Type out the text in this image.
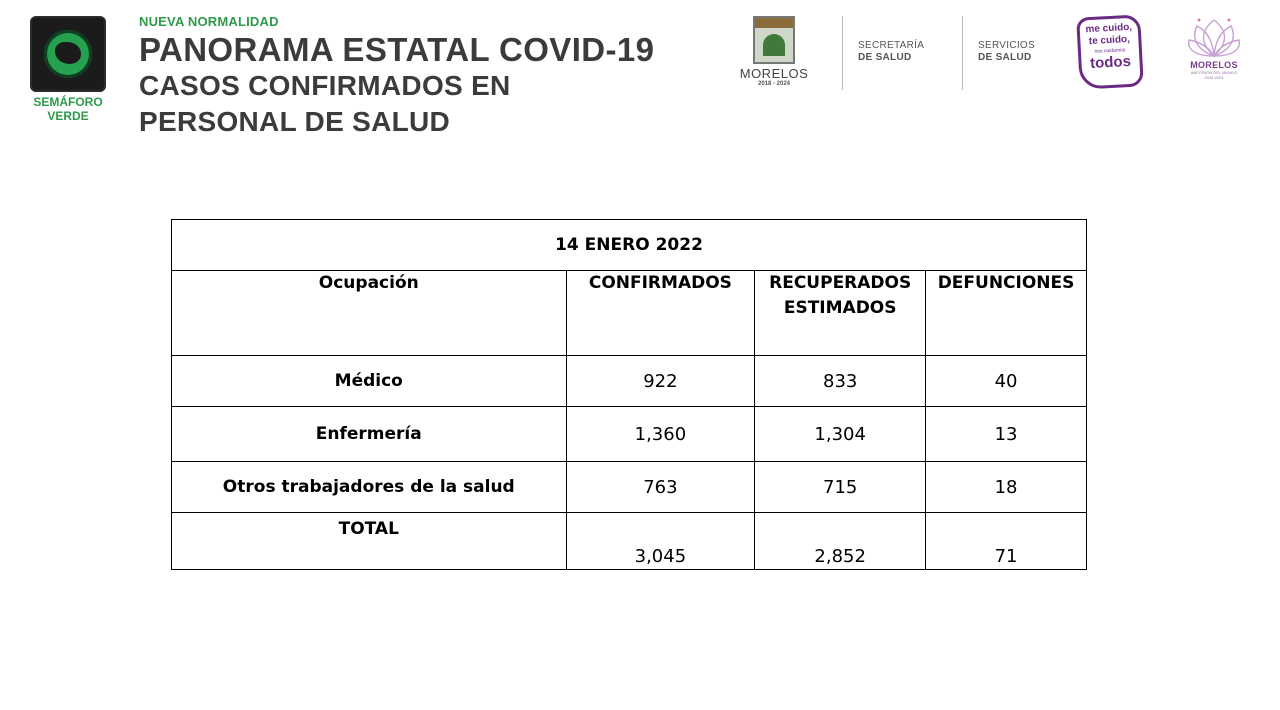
SEMÁFORO
VERDE
NUEVA NORMALIDAD
PANORAMA ESTATAL COVID-19
CASOS CONFIRMADOS EN
PERSONAL DE SALUD
MORELOS
2018 - 2024
SECRETARÍA
DE SALUD
SERVICIOS
DE SALUD
me cuido,
te cuido,
nos cuidamos
todos	MORELOS
ANFITRIÓN DEL MUNDO
2018-2024
14 ENERO 2022			
Ocupación	CONFIRMADOS	RECUPERADOS ESTIMADOS	DEFUNCIONES
Médico	922	833	40
Enfermería	1,360	1,304	13
Otros trabajadores de la salud	763	715	18
TOTAL	3,045	2,852	71
